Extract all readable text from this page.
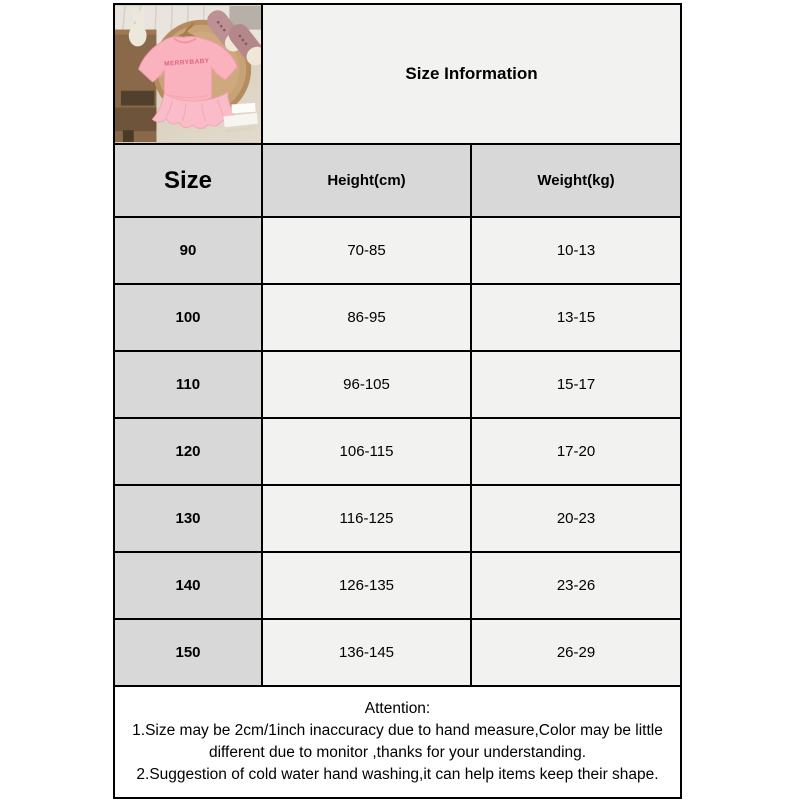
MERRYBABY	Size Information	
Size	Height(cm)	Weight(kg)
90	70-85	10-13
100	86-95	13-15
110	96-105	15-17
120	106-115	17-20
130	116-125	20-23
140	126-135	23-26
150	136-145	26-29

Attention:

1.Size may be 2cm/1inch inaccuracy due to hand measure,Color may be little different due to monitor ,thanks for your understanding.

2.Suggestion of cold water hand washing,it can help items keep their shape.		
